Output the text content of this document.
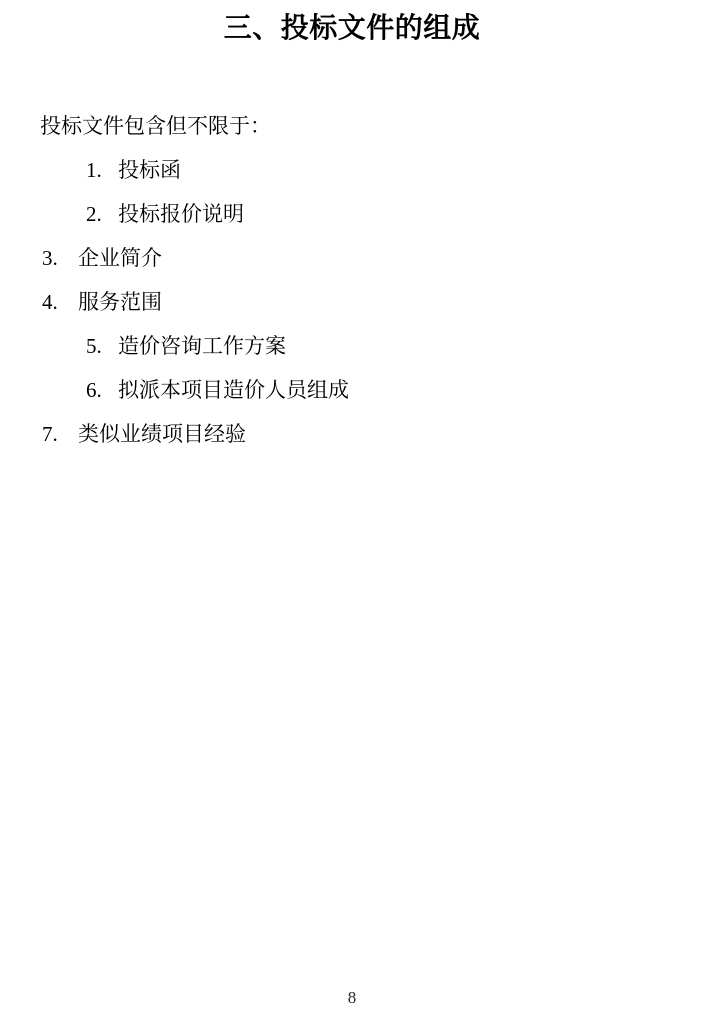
三、投标文件的组成
投标文件包含但不限于：
1. 投标函
2. 投标报价说明
3. 企业简介
4. 服务范围
5. 造价咨询工作方案
6. 拟派本项目造价人员组成
7. 类似业绩项目经验
8
